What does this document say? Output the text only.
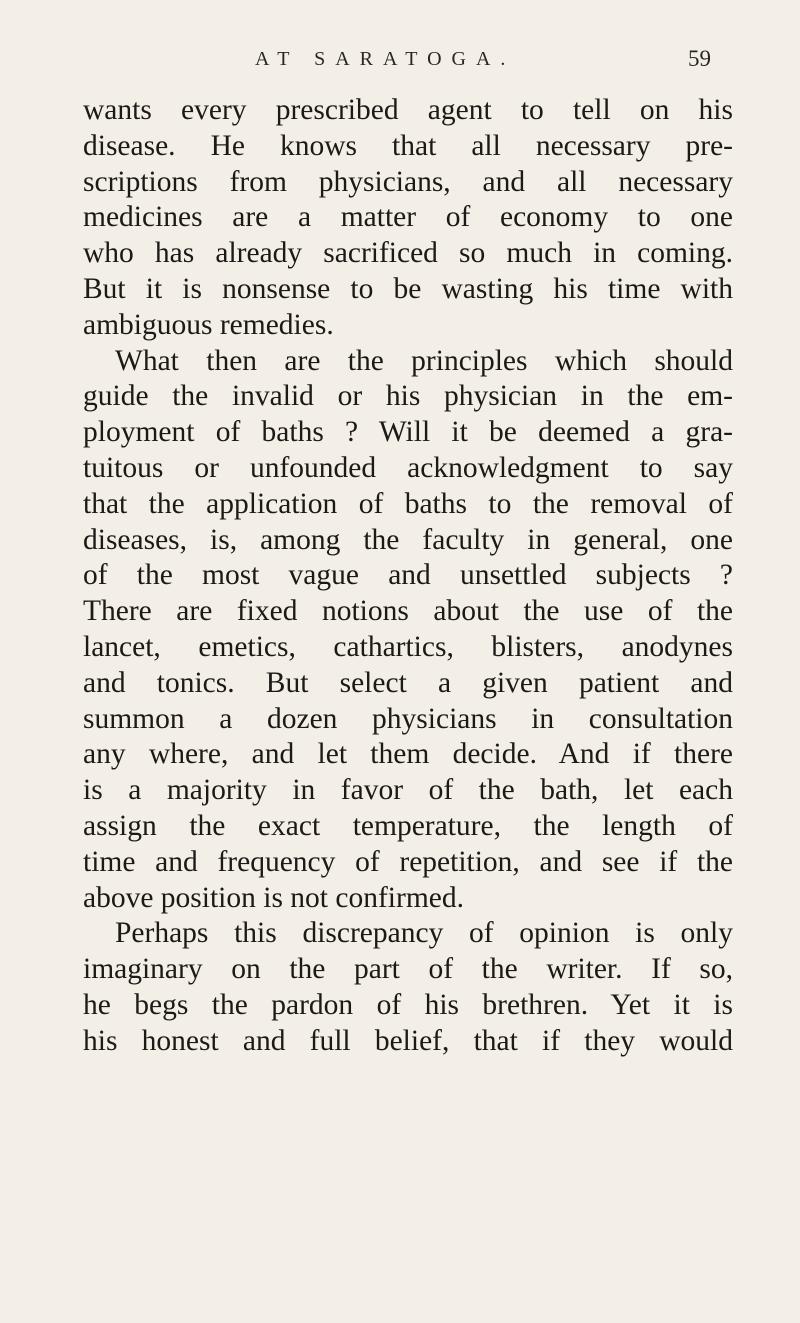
AT SARATOGA.	59
wants every prescribed agent to tell on his
disease. He knows that all necessary pre-
scriptions from physicians, and all necessary
medicines are a matter of economy to one
who has already sacrificed so much in coming.
But it is nonsense to be wasting his time with
ambiguous remedies.
What then are the principles which should
guide the invalid or his physician in the em-
ployment of baths ? Will it be deemed a gra-
tuitous or unfounded acknowledgment to say
that the application of baths to the removal of
diseases, is, among the faculty in general, one
of the most vague and unsettled subjects ?
There are fixed notions about the use of the
lancet, emetics, cathartics, blisters, anodynes
and tonics. But select a given patient and
summon a dozen physicians in consultation
any where, and let them decide. And if there
is a majority in favor of the bath, let each
assign the exact temperature, the length of
time and frequency of repetition, and see if the
above position is not confirmed.
Perhaps this discrepancy of opinion is only
imaginary on the part of the writer. If so,
he begs the pardon of his brethren. Yet it is
his honest and full belief, that if they would
